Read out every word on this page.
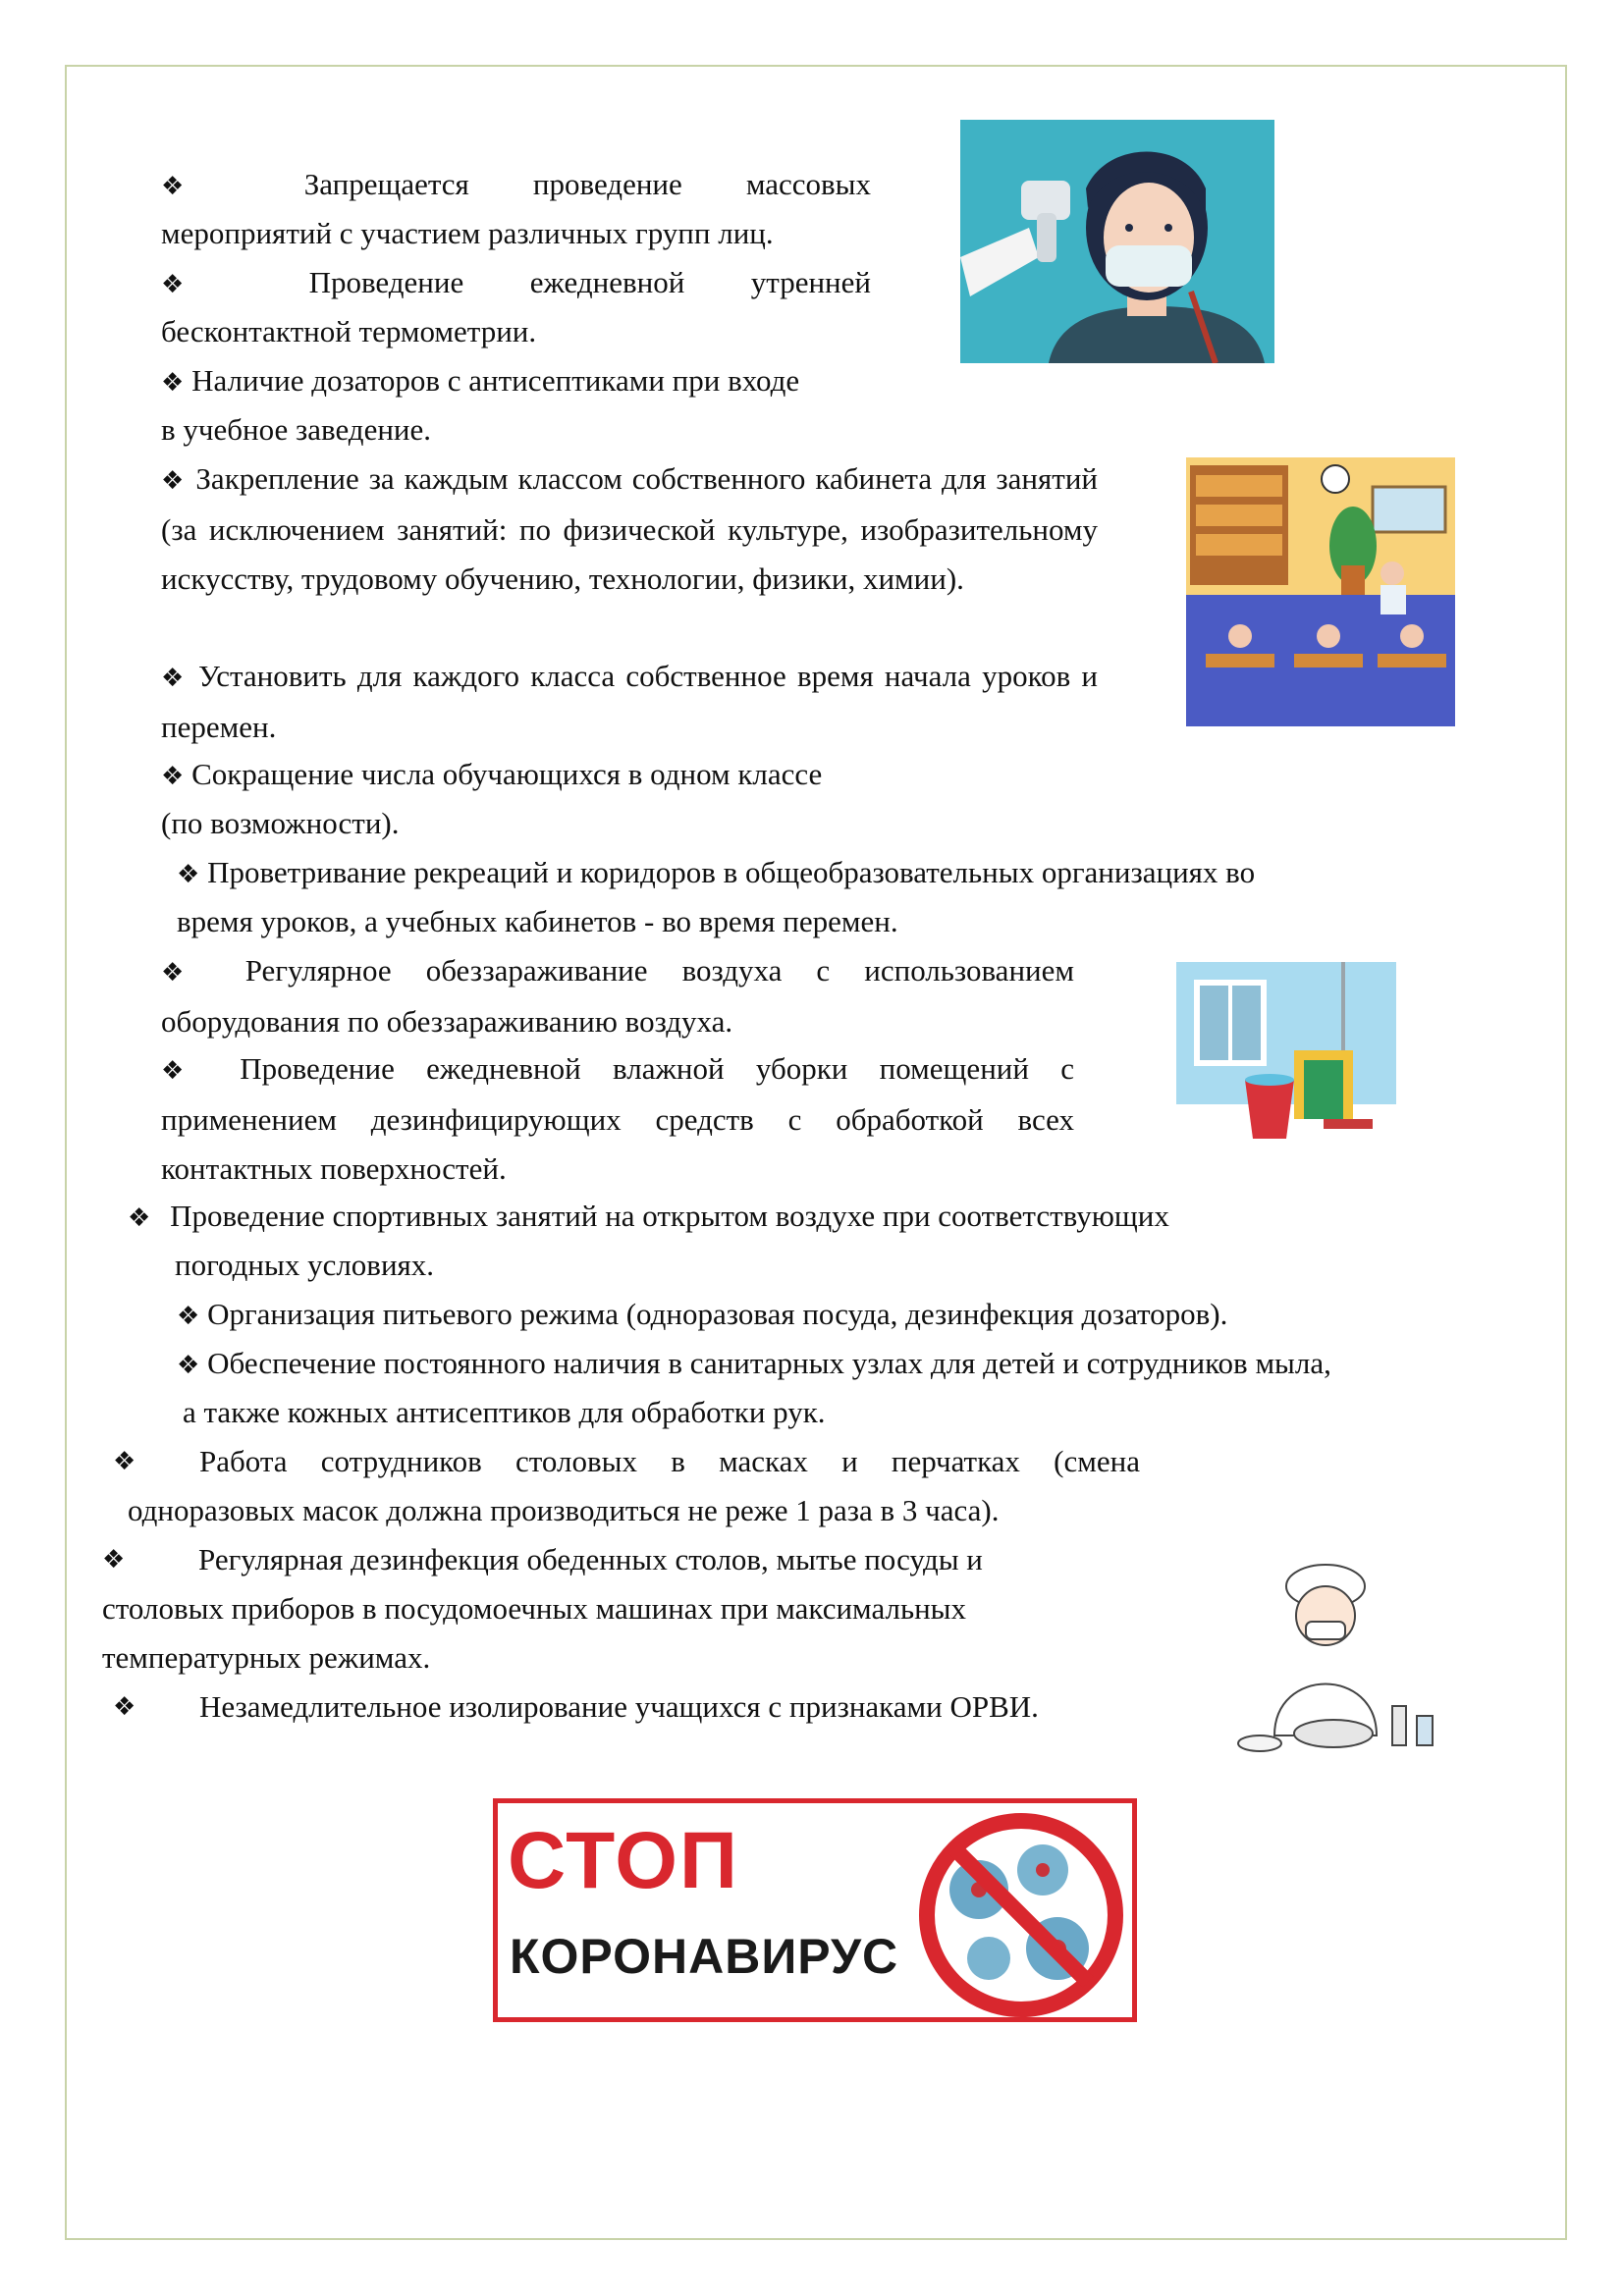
❖ Запрещается проведение массовых
мероприятий с участием различных групп лиц.
❖ Проведение ежедневной утренней
бесконтактной термометрии.
❖ Наличие дозаторов с антисептиками при входе
в учебное заведение.
❖ Закрепление за каждым классом собственного кабинета для занятий (за исключением занятий: по физической культуре, изобразительному искусству, трудовому обучению, технологии, физики, химии).
❖ Установить для каждого класса собственное время начала уроков и перемен.
❖ Сокращение числа обучающихся в одном классе
(по возможности).
❖ Проветривание рекреаций и коридоров в общеобразовательных организациях во
время уроков, а учебных кабинетов - во время перемен.
❖ Регулярное обеззараживание воздуха с использованием оборудования по обеззараживанию воздуха.
❖ Проведение ежедневной влажной уборки помещений с применением дезинфицирующих средств с обработкой всех контактных поверхностей.
❖ Проведение спортивных занятий на открытом воздухе при соответствующих
погодных условиях.
❖ Организация питьевого режима (одноразовая посуда, дезинфекция дозаторов).
❖ Обеспечение постоянного наличия в санитарных узлах для детей и сотрудников мыла,
а также кожных антисептиков для обработки рук.
❖	Работа сотрудников столовых в масках и перчатках (смена
одноразовых масок должна производиться не реже 1 раза в 3 часа).
❖	Регулярная дезинфекция обеденных столов, мытье посуды и
столовых приборов в посудомоечных машинах при максимальных
температурных режимах.
❖	Незамедлительное изолирование учащихся с признаками ОРВИ.
СТОП
КОРОНАВИРУС
